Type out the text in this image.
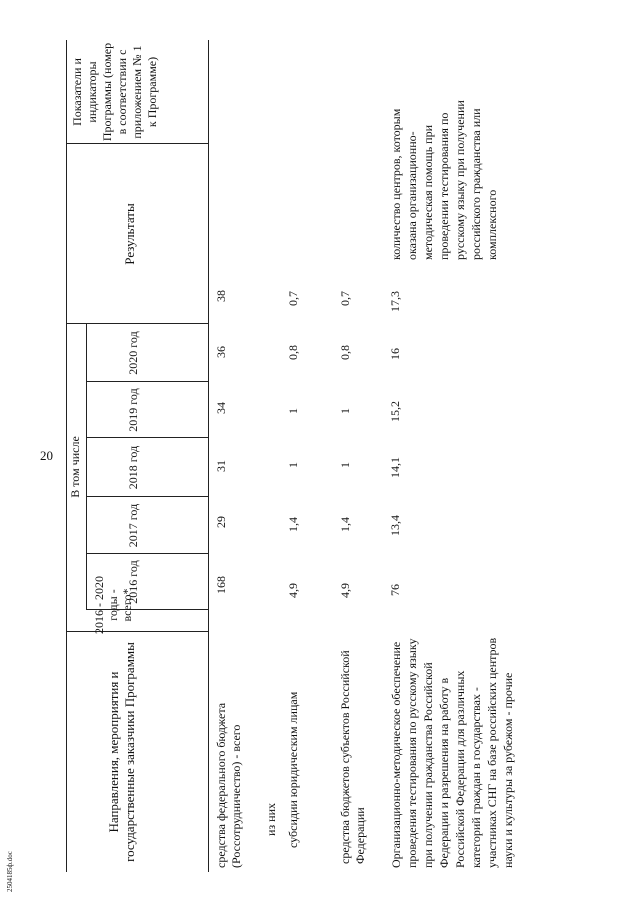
20
2504185ф.doc
Направления, мероприятия и государственные заказчики Программы
2016 - 2020 годы - всего*
В том числе
2016 год
2017 год
2018 год
2019 год
2020 год
Результаты
Показатели и индикаторы Программы (номер в соответствии с приложением № 1 к Программе)
средства федерального бюджета (Россотрудничество) - всего
168
29
31
34
36
38
из них субсидии юридическим лицам
4,9
1,4
1
1
0,8
0,7
средства бюджетов субъектов Российской Федерации
4,9
1,4
1
1
0,8
0,7
Организационно-методическое обеспечение проведения тестирования по русскому языку при получении гражданства Российской Федерации и разрешения на работу в Российской Федерации для различных категорий граждан в государствах - участниках СНГ на базе российских центров науки и культуры за рубежом - прочие
76
13,4
14,1
15,2
16
17,3
количество центров, которым оказана организационно-методическая помощь при проведении тестирования по русскому языку при получении российского гражданства или комплексного
